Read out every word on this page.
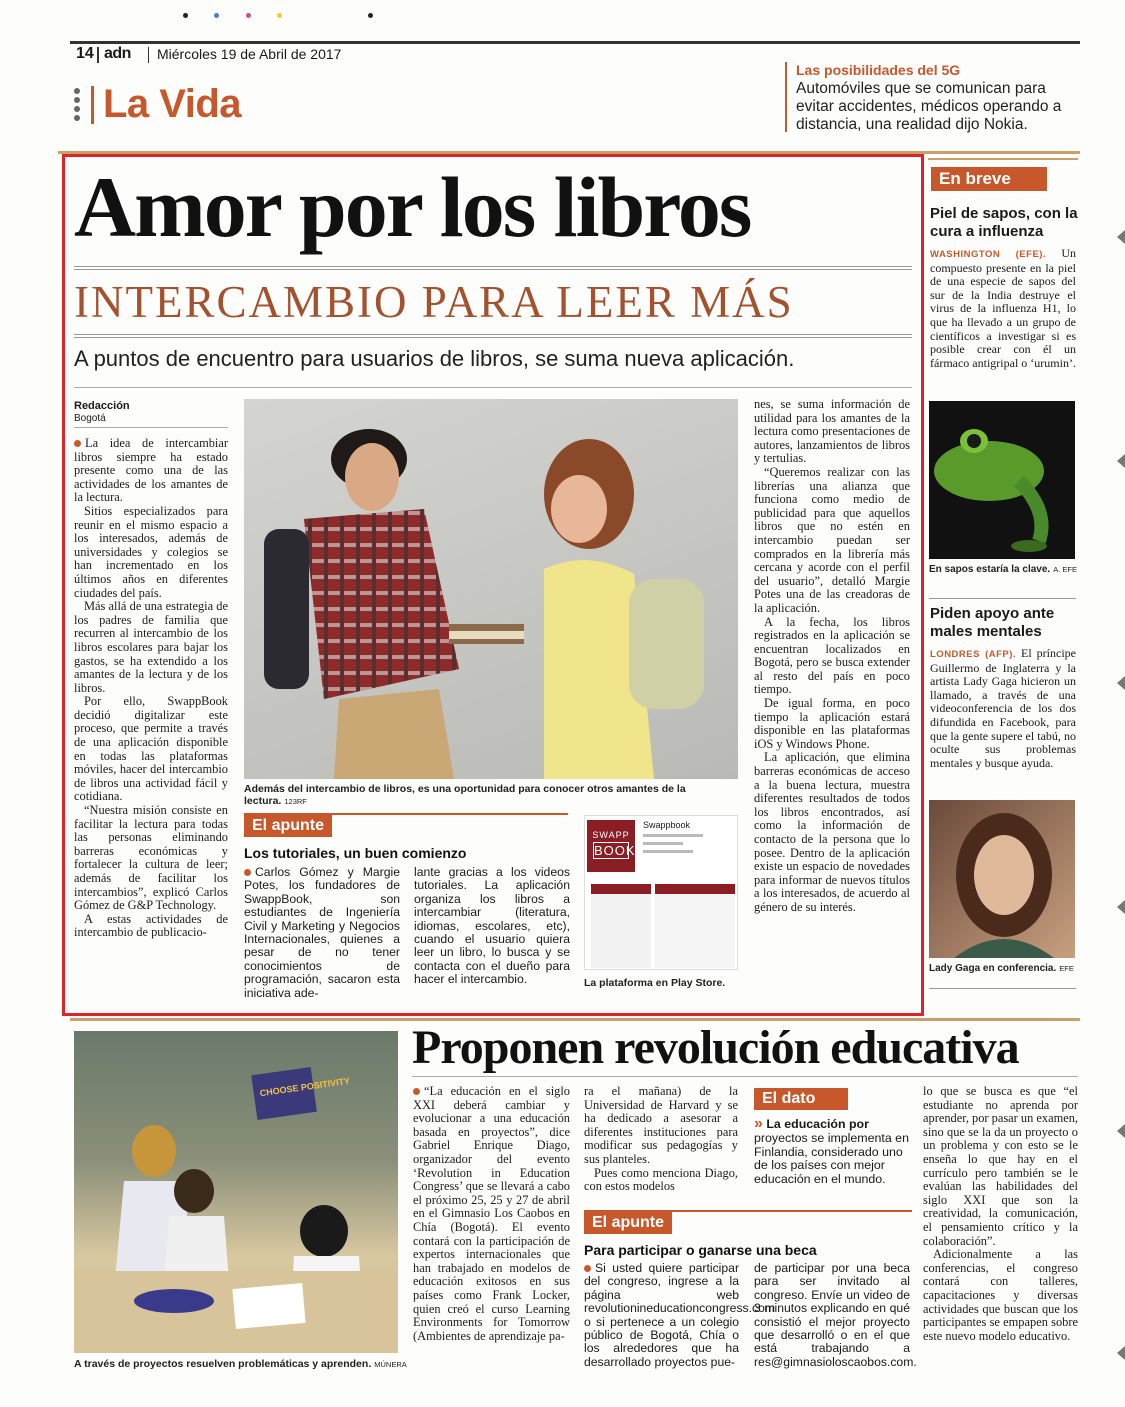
14 adn Miércoles 19 de Abril de 2017
La Vida
Las posibilidades del 5G
Automóviles que se comunican para evitar accidentes, médicos operando a distancia, una realidad dijo Nokia.
Amor por los libros
INTERCAMBIO PARA LEER MÁS
A puntos de encuentro para usuarios de libros, se suma nueva aplicación.
Redacción
Bogotá

La idea de intercambiar libros siempre ha estado presente como una de las actividades de los amantes de la lectura.

Sitios especializados para reunir en el mismo espacio a los interesados, además de universidades y colegios se han incrementado en los últimos años en diferentes ciudades del país.

Más allá de una estrategia de los padres de familia que recurren al intercambio de los libros escolares para bajar los gastos, se ha extendido a los amantes de la lectura y de los libros.

Por ello, SwappBook decidió digitalizar este proceso, que permite a través de una aplicación disponible en todas las plataformas móviles, hacer del intercambio de libros una actividad fácil y cotidiana.

“Nuestra misión consiste en facilitar la lectura para todas las personas eliminando barreras económicas y fortalecer la cultura de leer; además de facilitar los intercambios”, explicó Carlos Gómez de G&P Technology.

A estas actividades de intercambio de publicacio-

Además del intercambio de libros, es una oportunidad para conocer otros amantes de la lectura. 123RF

nes, se suma información de utilidad para los amantes de la lectura como presentaciones de autores, lanzamientos de libros y tertulias.

“Queremos realizar con las librerías una alianza que funciona como medio de publicidad para que aquellos libros que no estén en intercambio puedan ser comprados en la librería más cercana y acorde con el perfil del usuario”, detalló Margie Potes una de las creadoras de la aplicación.

A la fecha, los libros registrados en la aplicación se encuentran localizados en Bogotá, pero se busca extender al resto del país en poco tiempo.

De igual forma, en poco tiempo la aplicación estará disponible en las plataformas iOS y Windows Phone.

La aplicación, que elimina barreras económicas de acceso a la buena lectura, muestra diferentes resultados de todos los libros encontrados, así como la información de contacto de la persona que lo posee. Dentro de la aplicación existe un espacio de novedades para informar de nuevos títulos a los interesados, de acuerdo al género de su interés.

El apunte
Los tutoriales, un buen comienzo
Carlos Gómez y Margie Potes, los fundadores de SwappBook, son estudiantes de Ingeniería Civil y Marketing y Negocios Internacionales, quienes a pesar de no tener conocimientos de programación, sacaron esta iniciativa ade-
lante gracias a los videos tutoriales. La aplicación organiza los libros a intercambiar (literatura, idiomas, escolares, etc), cuando el usuario quiera leer un libro, lo busca y se contacta con el dueño para hacer el intercambio.
SWAPP
BOOK
Swappbook
La plataforma en Play Store.
En breve
Piel de sapos, con la cura a influenza
WASHINGTON (EFE). Un compuesto presente en la piel de una especie de sapos del sur de la India destruye el virus de la influenza H1, lo que ha llevado a un grupo de científicos a investigar si es posible crear con él un fármaco antigripal o ‘urumin’.
En sapos estaría la clave. A. EFE
Piden apoyo ante males mentales
LONDRES (AFP). El príncipe Guillermo de Inglaterra y la artista Lady Gaga hicieron un llamado, a través de una videoconferencia de los dos difundida en Facebook, para que la gente supere el tabú, no oculte sus problemas mentales y busque ayuda.
Lady Gaga en conferencia. EFE
CHOOSE POSITIVITY
A través de proyectos resuelven problemáticas y aprenden. MÚNERA
Proponen revolución educativa

“La educación en el siglo XXI deberá cambiar y evolucionar a una educación basada en proyectos”, dice Gabriel Enrique Diago, organizador del evento ‘Revolution in Education Congress’ que se llevará a cabo el próximo 25, 25 y 27 de abril en el Gimnasio Los Caobos en Chía (Bogotá). El evento contará con la participación de expertos internacionales que han trabajado en modelos de educación exitosos en sus países como Frank Locker, quien creó el curso Learning Environments for Tomorrow (Ambientes de aprendizaje pa-

ra el mañana) de la Universidad de Harvard y se ha dedicado a asesorar a diferentes instituciones para modificar sus pedagogías y sus planteles.

Pues como menciona Diago, con estos modelos

El dato
» La educación por proyectos se implementa en Finlandia, considerado uno de los países con mejor educación en el mundo.
El apunte
Para participar o ganarse una beca
Si usted quiere participar del congreso, ingrese a la página web revolutionineducationcongress.com o si pertenece a un colegio público de Bogotá, Chía o los alrededores que ha desarrollado proyectos pue-
de participar por una beca para ser invitado al congreso. Envíe un video de 3 minutos explicando en qué consistió el mejor proyecto que desarrolló o en el que está trabajando a res@gimnasioloscaobos.com.

lo que se busca es que “el estudiante no aprenda por aprender, por pasar un examen, sino que se la da un proyecto o un problema y con esto se le enseña lo que hay en el currículo pero también se le evalúan las habilidades del siglo XXI que son la creatividad, la comunicación, el pensamiento crítico y la colaboración”.

Adicionalmente a las conferencias, el congreso contará con talleres, capacitaciones y diversas actividades que buscan que los participantes se empapen sobre este nuevo modelo educativo.
